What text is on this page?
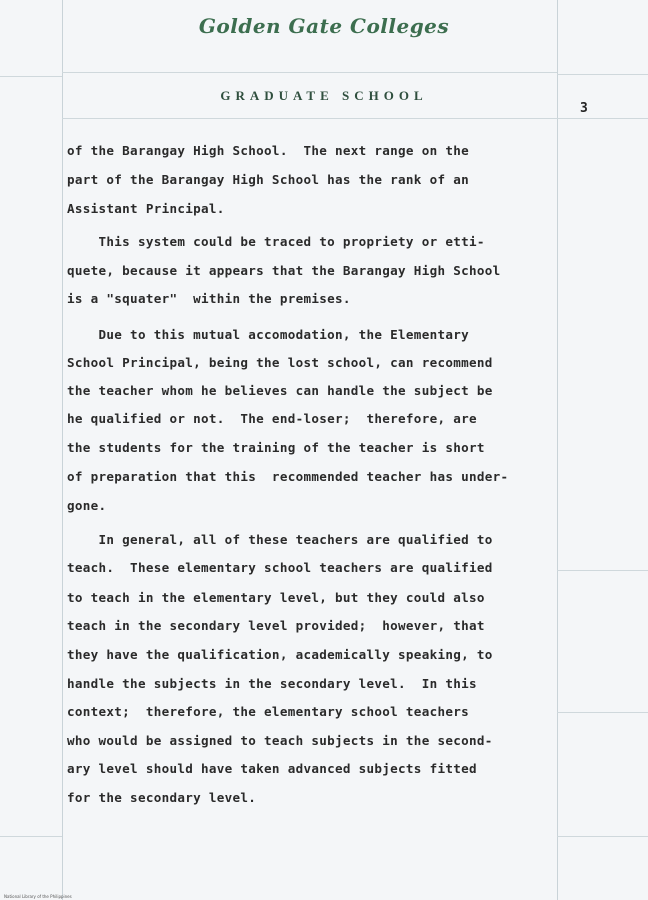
Golden Gate Colleges
GRADUATE SCHOOL
3
of the Barangay High School.  The next range on the
part of the Barangay High School has the rank of an
Assistant Principal.
This system could be traced to propriety or etti-
quete, because it appears that the Barangay High School
is a "squater"  within the premises.
Due to this mutual accomodation, the Elementary
School Principal, being the lost school, can recommend
the teacher whom he believes can handle the subject be
he qualified or not.  The end-loser;  therefore, are
the students for the training of the teacher is short
of preparation that this  recommended teacher has under-
gone.
In general, all of these teachers are qualified to
teach.  These elementary school teachers are qualified
to teach in the elementary level, but they could also
teach in the secondary level provided;  however, that
they have the qualification, academically speaking, to
handle the subjects in the secondary level.  In this
context;  therefore, the elementary school teachers
who would be assigned to teach subjects in the second-
ary level should have taken advanced subjects fitted
for the secondary level.
National Library of the Philippines
